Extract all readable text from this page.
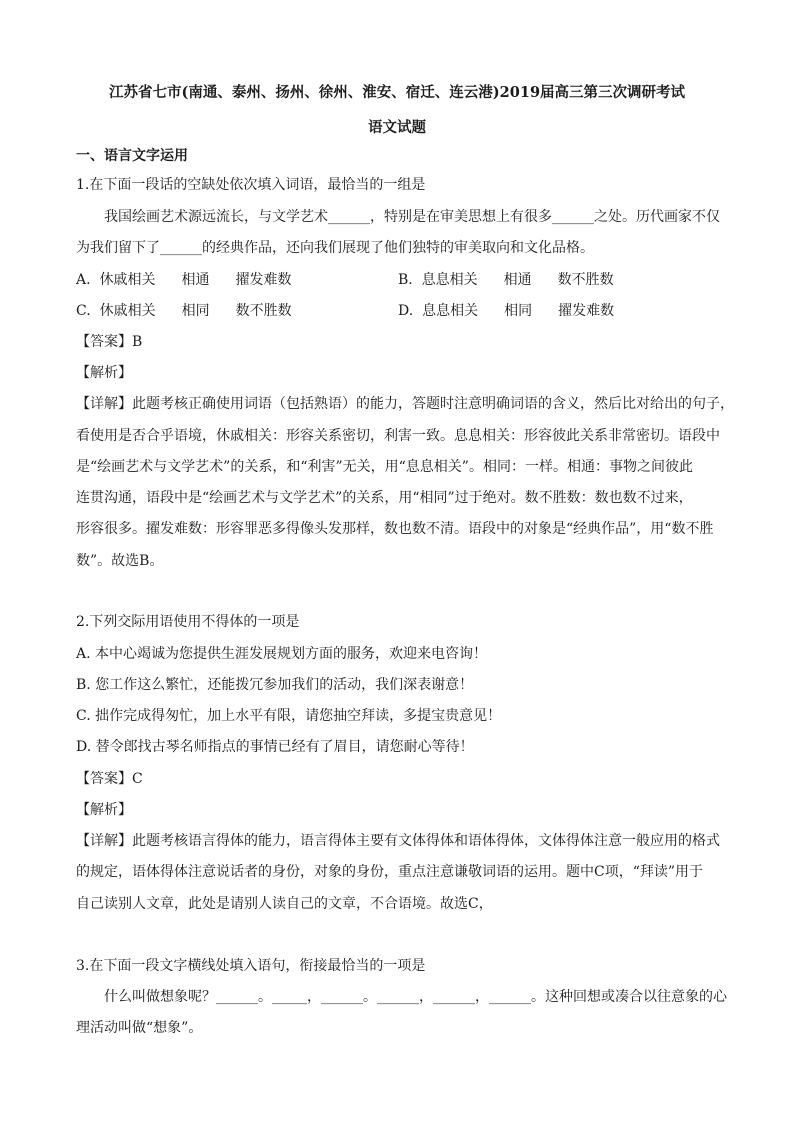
江苏省七市(南通、泰州、扬州、徐州、淮安、宿迁、连云港)2019届高三第三次调研考试
语文试题
一、语言文字运用
1.在下面一段话的空缺处依次填入词语，最恰当的一组是
我国绘画艺术源远流长，与文学艺术______，特别是在审美思想上有很多______之处。历代画家不仅
为我们留下了______的经典作品，还向我们展现了他们独特的审美取向和文化品格。
A. 休戚相关 相通 擢发难数	B. 息息相关 相通 数不胜数
C. 休戚相关 相同 数不胜数	D. 息息相关 相同 擢发难数
【答案】B
【解析】
【详解】此题考核正确使用词语（包括熟语）的能力，答题时注意明确词语的含义，然后比对给出的句子，
看使用是否合乎语境，休戚相关：形容关系密切，利害一致。息息相关：形容彼此关系非常密切。语段中
是“绘画艺术与文学艺术”的关系，和“利害”无关，用“息息相关”。相同：一样。相通：事物之间彼此
连贯沟通，语段中是“绘画艺术与文学艺术”的关系，用“相同”过于绝对。数不胜数：数也数不过来，
形容很多。擢发难数：形容罪恶多得像头发那样，数也数不清。语段中的对象是“经典作品”，用“数不胜
数”。故选B。
2.下列交际用语使用不得体的一项是
A. 本中心竭诚为您提供生涯发展规划方面的服务，欢迎来电咨询！
B. 您工作这么繁忙，还能拨冗参加我们的活动，我们深表谢意！
C. 拙作完成得匆忙，加上水平有限，请您抽空拜读，多提宝贵意见！
D. 替令郎找古琴名师指点的事情已经有了眉目，请您耐心等待！
【答案】C
【解析】
【详解】此题考核语言得体的能力，语言得体主要有文体得体和语体得体，文体得体注意一般应用的格式
的规定，语体得体注意说话者的身份，对象的身份，重点注意谦敬词语的运用。题中C项，“拜读”用于
自己读别人文章，此处是请别人读自己的文章，不合语境。故选C，
3.在下面一段文字横线处填入语句，衔接最恰当的一项是
什么叫做想象呢？______。_____，______。______，______，______。这种回想或凑合以往意象的心
理活动叫做“想象”。
